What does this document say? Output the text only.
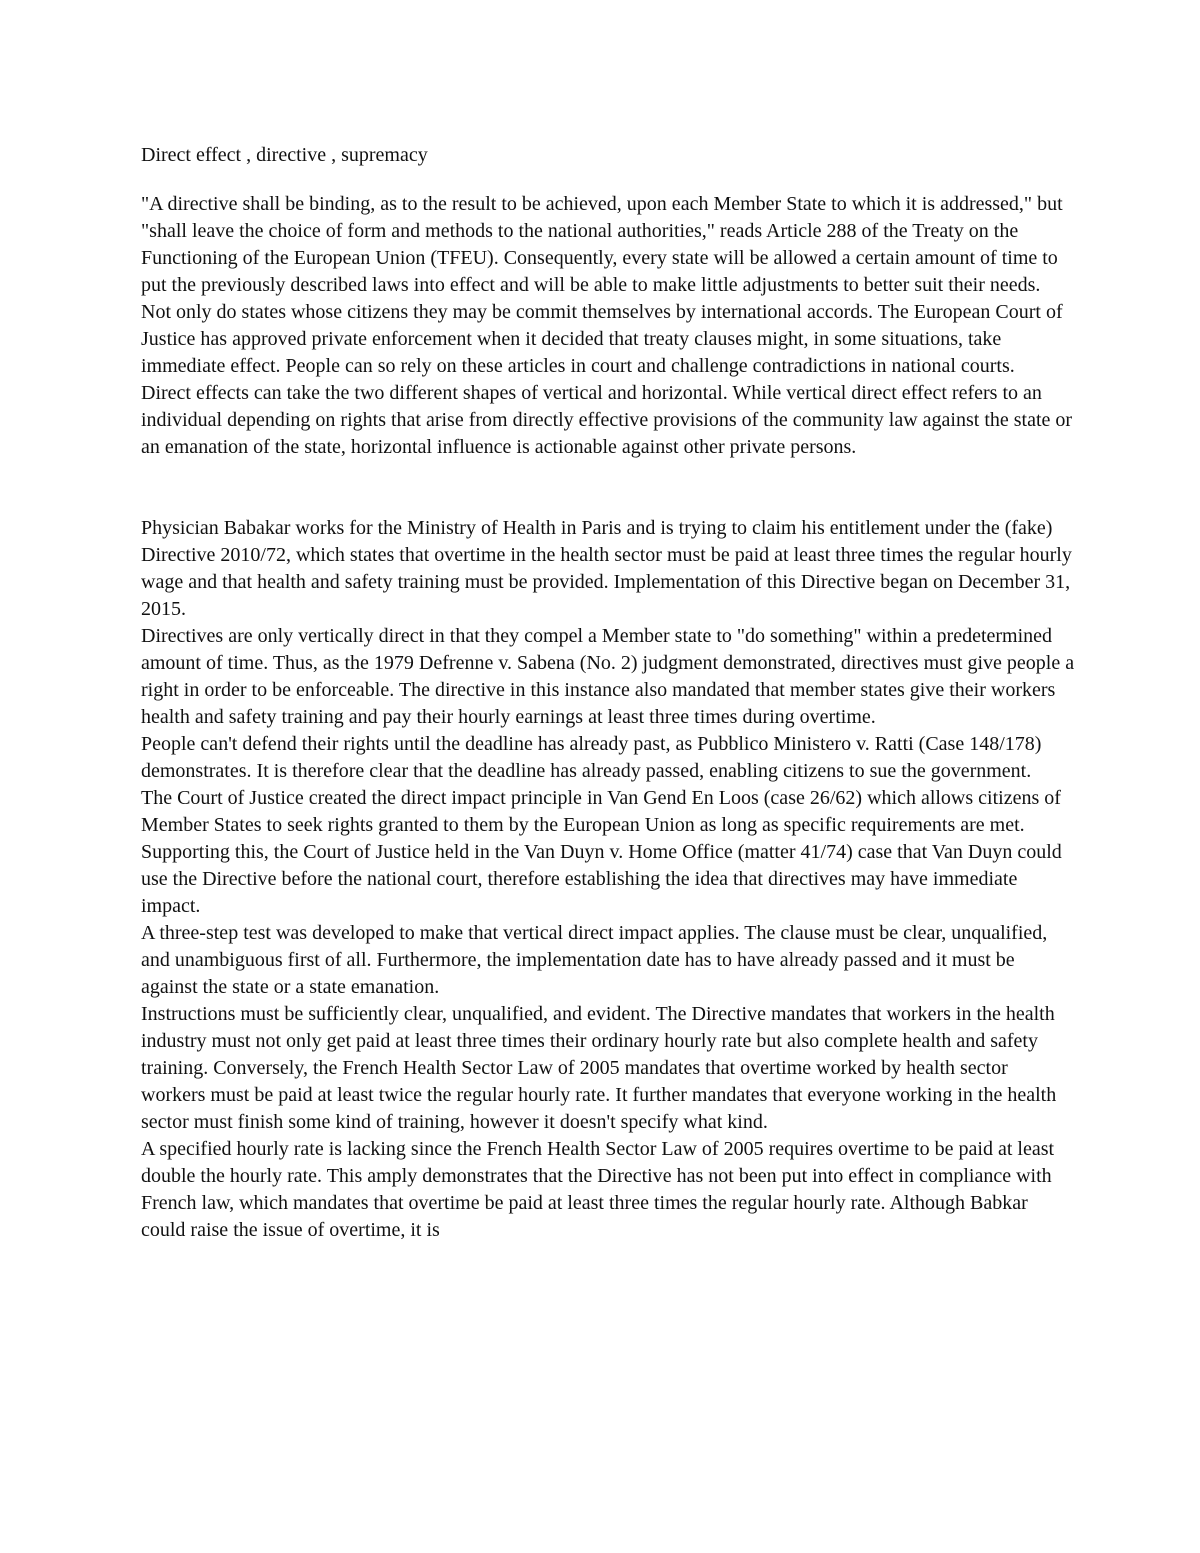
Direct effect , directive , supremacy

"A directive shall be binding, as to the result to be achieved, upon each Member State to which it is addressed," but "shall leave the choice of form and methods to the national authorities," reads Article 288 of the Treaty on the Functioning of the European Union (TFEU). Consequently, every state will be allowed a certain amount of time to put the previously described laws into effect and will be able to make little adjustments to better suit their needs.

Not only do states whose citizens they may be commit themselves by international accords. The European Court of Justice has approved private enforcement when it decided that treaty clauses might, in some situations, take immediate effect. People can so rely on these articles in court and challenge contradictions in national courts.

Direct effects can take the two different shapes of vertical and horizontal. While vertical direct effect refers to an individual depending on rights that arise from directly effective provisions of the community law against the state or an emanation of the state, horizontal influence is actionable against other private persons.

Physician Babakar works for the Ministry of Health in Paris and is trying to claim his entitlement under the (fake) Directive 2010/72, which states that overtime in the health sector must be paid at least three times the regular hourly wage and that health and safety training must be provided. Implementation of this Directive began on December 31, 2015.

Directives are only vertically direct in that they compel a Member state to "do something" within a predetermined amount of time. Thus, as the 1979 Defrenne v. Sabena (No. 2) judgment demonstrated, directives must give people a right in order to be enforceable. The directive in this instance also mandated that member states give their workers health and safety training and pay their hourly earnings at least three times during overtime.

People can't defend their rights until the deadline has already past, as Pubblico Ministero v. Ratti (Case 148/178) demonstrates. It is therefore clear that the deadline has already passed, enabling citizens to sue the government.

The Court of Justice created the direct impact principle in Van Gend En Loos (case 26/62) which allows citizens of Member States to seek rights granted to them by the European Union as long as specific requirements are met. Supporting this, the Court of Justice held in the Van Duyn v. Home Office (matter 41/74) case that Van Duyn could use the Directive before the national court, therefore establishing the idea that directives may have immediate impact.

A three-step test was developed to make that vertical direct impact applies. The clause must be clear, unqualified, and unambiguous first of all. Furthermore, the implementation date has to have already passed and it must be against the state or a state emanation.

Instructions must be sufficiently clear, unqualified, and evident. The Directive mandates that workers in the health industry must not only get paid at least three times their ordinary hourly rate but also complete health and safety training. Conversely, the French Health Sector Law of 2005 mandates that overtime worked by health sector workers must be paid at least twice the regular hourly rate. It further mandates that everyone working in the health sector must finish some kind of training, however it doesn't specify what kind.

A specified hourly rate is lacking since the French Health Sector Law of 2005 requires overtime to be paid at least double the hourly rate. This amply demonstrates that the Directive has not been put into effect in compliance with French law, which mandates that overtime be paid at least three times the regular hourly rate. Although Babkar could raise the issue of overtime, it is
